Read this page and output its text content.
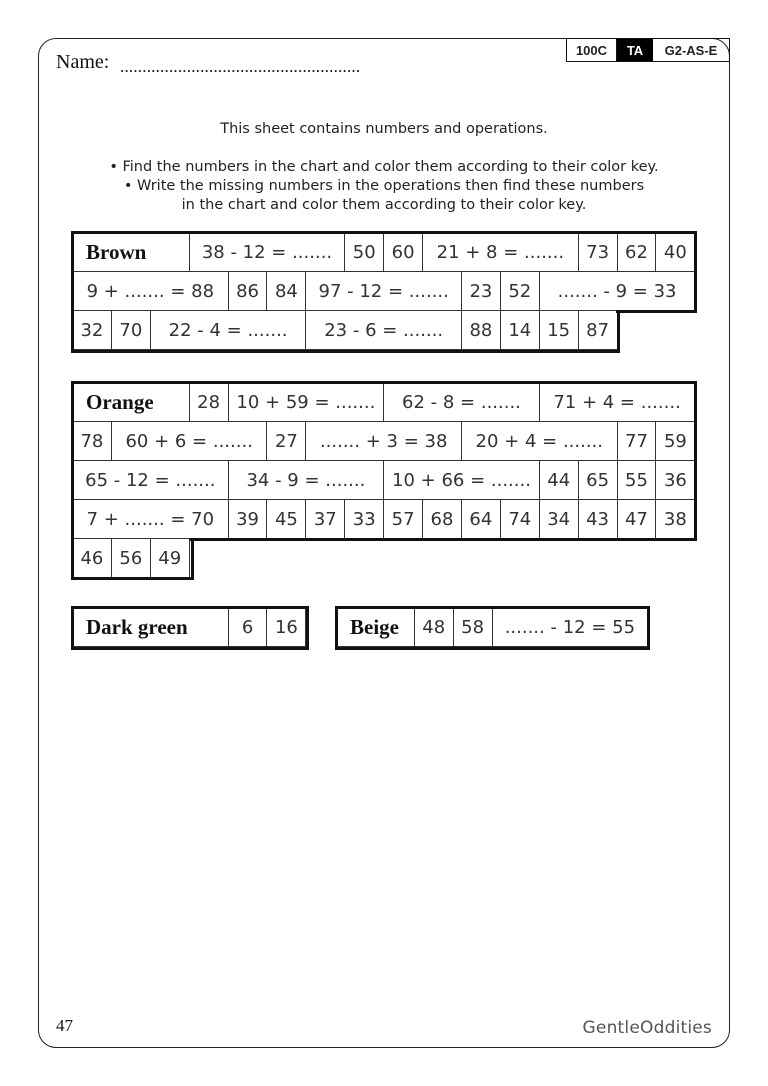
Name: ......................................................
100C	TA	G2-AS-E

This sheet contains numbers and operations.

• Find the numbers in the chart and color them according to their color key.

• Write the missing numbers in the operations then find these numbers

in the chart and color them according to their color key.

Brown	38 - 12 = .......	50 60	21 + 8 = .......	73 62 40
9 + ....... = 88	86 84	97 - 12 = .......	23 52	....... - 9 = 33
32 70	22 - 4 = .......	23 - 6 = .......	88 14 15 87
Orange	28 10 + 59 = .......	62 - 8 = .......	71 + 4 = .......
78	60 + 6 = .......	27	....... + 3 = 38	20 + 4 = .......	77 59
65 - 12 = .......	34 - 9 = .......	10 + 66 = ....... 44 65 55 36
7 + ....... = 70	39 45 37 33 57 68 64 74 34 43 47 38
46 56 49
Dark green	6	16	Beige	48 58	....... - 12 = 55
47	GentleOddities
